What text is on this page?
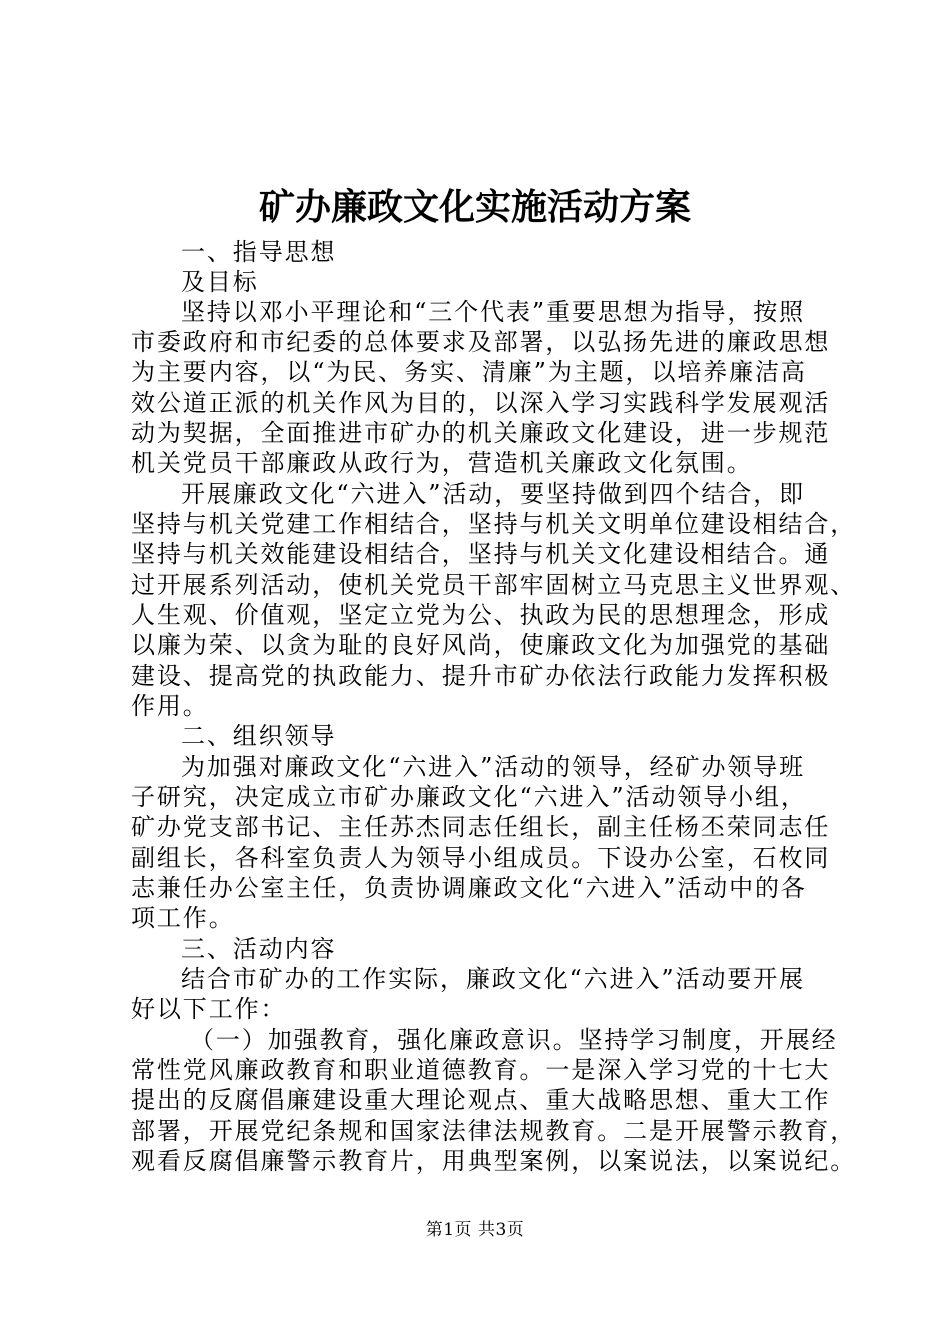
矿办廉政文化实施活动方案
一、指导思想
及目标
坚持以邓小平理论和“三个代表”重要思想为指导，按照
市委政府和市纪委的总体要求及部署，以弘扬先进的廉政思想
为主要内容，以“为民、务实、清廉”为主题，以培养廉洁高
效公道正派的机关作风为目的，以深入学习实践科学发展观活
动为契据，全面推进市矿办的机关廉政文化建设，进一步规范
机关党员干部廉政从政行为，营造机关廉政文化氛围。
开展廉政文化“六进入”活动，要坚持做到四个结合，即
坚持与机关党建工作相结合，坚持与机关文明单位建设相结合，
坚持与机关效能建设相结合，坚持与机关文化建设相结合。通
过开展系列活动，使机关党员干部牢固树立马克思主义世界观、
人生观、价值观，坚定立党为公、执政为民的思想理念，形成
以廉为荣、以贪为耻的良好风尚，使廉政文化为加强党的基础
建设、提高党的执政能力、提升市矿办依法行政能力发挥积极
作用。
二、组织领导
为加强对廉政文化“六进入”活动的领导，经矿办领导班
子研究，决定成立市矿办廉政文化“六进入”活动领导小组，
矿办党支部书记、主任苏杰同志任组长，副主任杨丕荣同志任
副组长，各科室负责人为领导小组成员。下设办公室，石枚同
志兼任办公室主任，负责协调廉政文化“六进入”活动中的各
项工作。
三、活动内容
结合市矿办的工作实际，廉政文化“六进入”活动要开展
好以下工作：
（一）加强教育，强化廉政意识。坚持学习制度，开展经
常性党风廉政教育和职业道德教育。一是深入学习党的十七大
提出的反腐倡廉建设重大理论观点、重大战略思想、重大工作
部署，开展党纪条规和国家法律法规教育。二是开展警示教育，
观看反腐倡廉警示教育片，用典型案例，以案说法，以案说纪。
第1页 共3页
